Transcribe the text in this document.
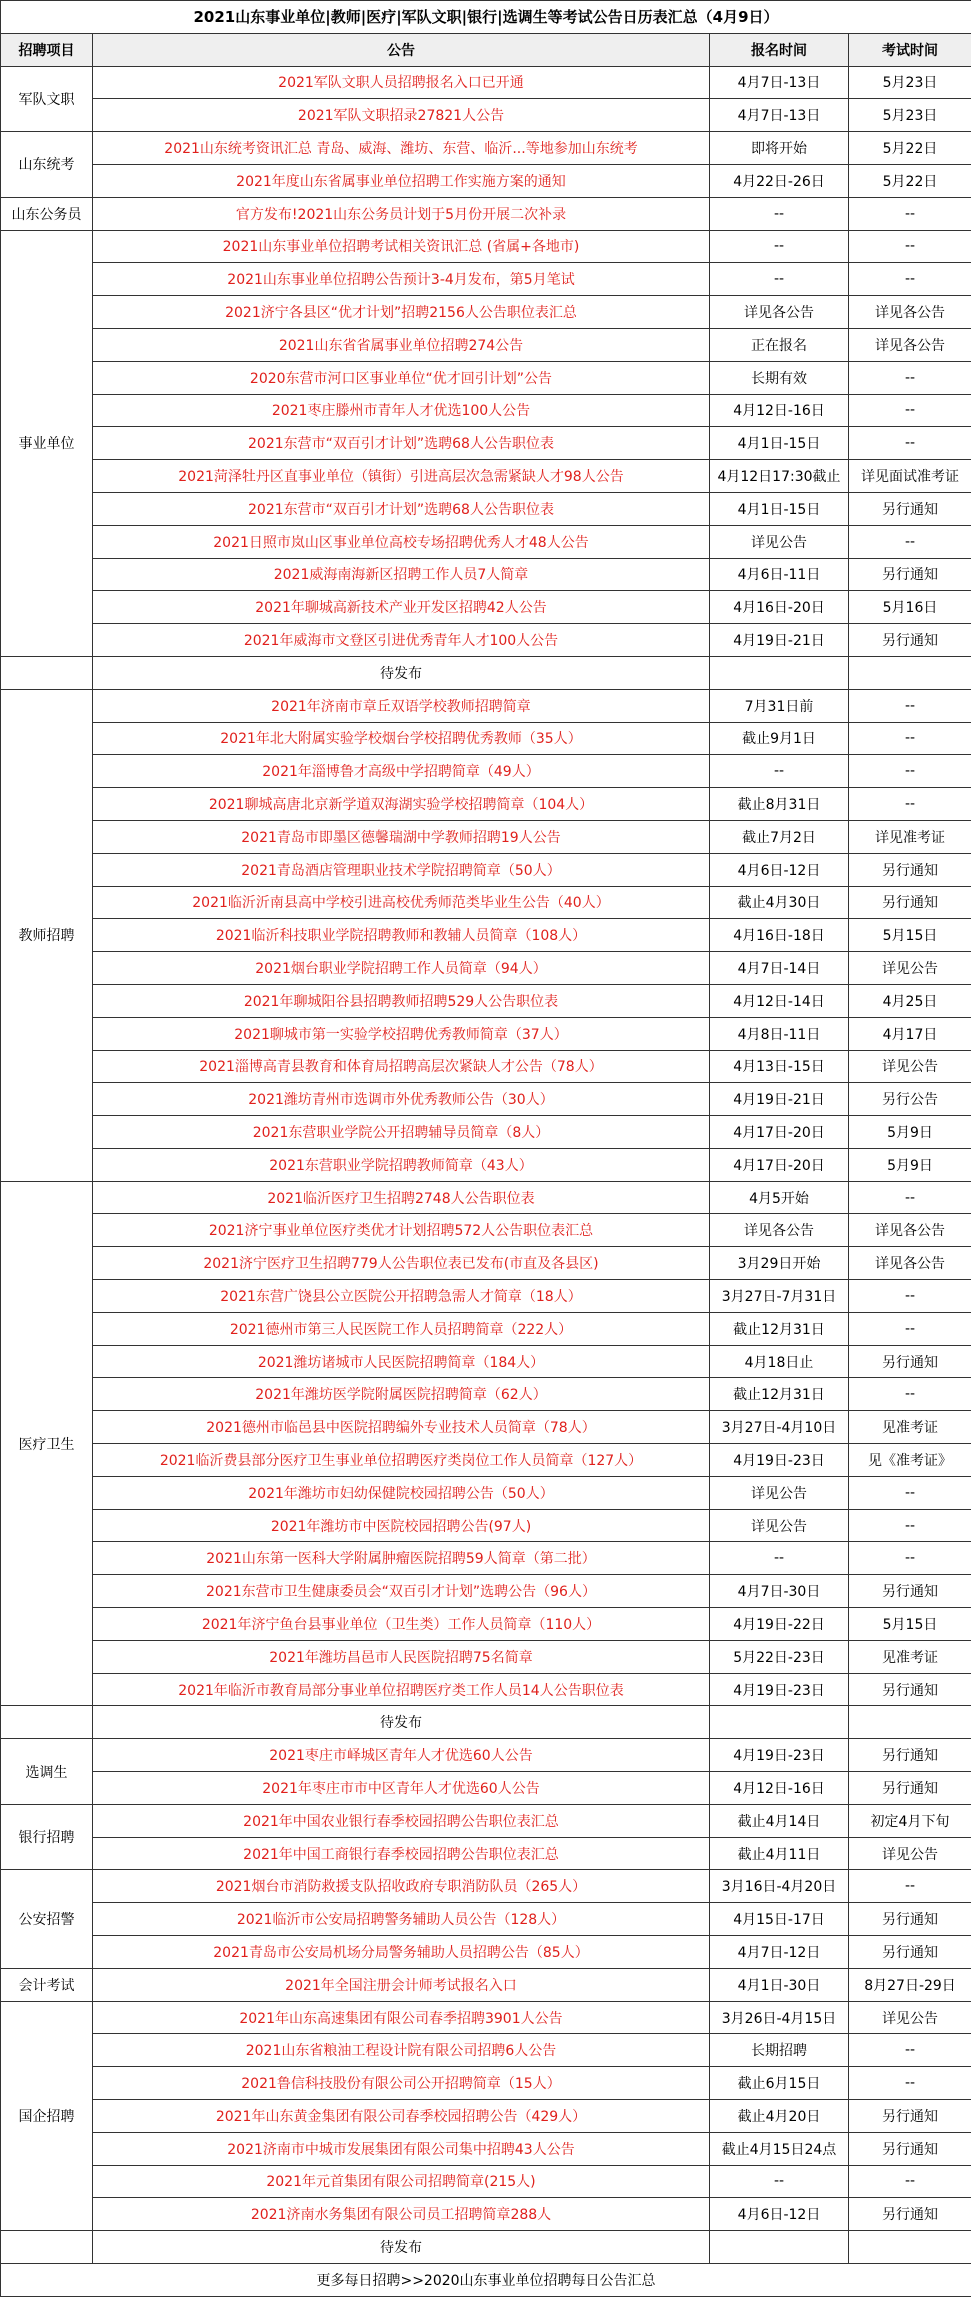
2021山东事业单位|教师|医疗|军队文职|银行|选调生等考试公告日历表汇总（4月9日）			
招聘项目	公告	报名时间	考试时间
军队文职	2021军队文职人员招聘报名入口已开通	4月7日-13日	5月23日
	2021军队文职招录27821人公告	4月7日-13日	5月23日
山东统考	2021山东统考资讯汇总 青岛、威海、潍坊、东营、临沂...等地参加山东统考	即将开始	5月22日
	2021年度山东省属事业单位招聘工作实施方案的通知	4月22日-26日	5月22日
山东公务员	官方发布!2021山东公务员计划于5月份开展二次补录	--	--
事业单位	2021山东事业单位招聘考试相关资讯汇总 (省属+各地市)	--	--
	2021山东事业单位招聘公告预计3-4月发布，第5月笔试	--	--
	2021济宁各县区“优才计划”招聘2156人公告职位表汇总	详见各公告	详见各公告
	2021山东省省属事业单位招聘274公告	正在报名	详见各公告
	2020东营市河口区事业单位“优才回引计划”公告	长期有效	--
	2021枣庄滕州市青年人才优选100人公告	4月12日-16日	--
	2021东营市“双百引才计划”选聘68人公告职位表	4月1日-15日	--
	2021菏泽牡丹区直事业单位（镇街）引进高层次急需紧缺人才98人公告	4月12日17:30截止	详见面试准考证
	2021东营市“双百引才计划”选聘68人公告职位表	4月1日-15日	另行通知
	2021日照市岚山区事业单位高校专场招聘优秀人才48人公告	详见公告	--
	2021威海南海新区招聘工作人员7人简章	4月6日-11日	另行通知
	2021年聊城高新技术产业开发区招聘42人公告	4月16日-20日	5月16日
	2021年威海市文登区引进优秀青年人才100人公告	4月19日-21日	另行通知
	待发布		
教师招聘	2021年济南市章丘双语学校教师招聘简章	7月31日前	--
	2021年北大附属实验学校烟台学校招聘优秀教师（35人）	截止9月1日	--
	2021年淄博鲁才高级中学招聘简章（49人）	--	--
	2021聊城高唐北京新学道双海湖实验学校招聘简章（104人）	截止8月31日	--
	2021青岛市即墨区德馨瑞湖中学教师招聘19人公告	截止7月2日	详见准考证
	2021青岛酒店管理职业技术学院招聘简章（50人）	4月6日-12日	另行通知
	2021临沂沂南县高中学校引进高校优秀师范类毕业生公告（40人）	截止4月30日	另行通知
	2021临沂科技职业学院招聘教师和教辅人员简章（108人）	4月16日-18日	5月15日
	2021烟台职业学院招聘工作人员简章（94人）	4月7日-14日	详见公告
	2021年聊城阳谷县招聘教师招聘529人公告职位表	4月12日-14日	4月25日
	2021聊城市第一实验学校招聘优秀教师简章（37人）	4月8日-11日	4月17日
	2021淄博高青县教育和体育局招聘高层次紧缺人才公告（78人）	4月13日-15日	详见公告
	2021潍坊青州市选调市外优秀教师公告（30人）	4月19日-21日	另行公告
	2021东营职业学院公开招聘辅导员简章（8人）	4月17日-20日	5月9日
	2021东营职业学院招聘教师简章（43人）	4月17日-20日	5月9日
医疗卫生	2021临沂医疗卫生招聘2748人公告职位表	4月5开始	--
	2021济宁事业单位医疗类优才计划招聘572人公告职位表汇总	详见各公告	详见各公告
	2021济宁医疗卫生招聘779人公告职位表已发布(市直及各县区)	3月29日开始	详见各公告
	2021东营广饶县公立医院公开招聘急需人才简章（18人）	3月27日-7月31日	--
	2021德州市第三人民医院工作人员招聘简章（222人）	截止12月31日	--
	2021潍坊诸城市人民医院招聘简章（184人）	4月18日止	另行通知
	2021年潍坊医学院附属医院招聘简章（62人）	截止12月31日	--
	2021德州市临邑县中医院招聘编外专业技术人员简章（78人）	3月27日-4月10日	见准考证
	2021临沂费县部分医疗卫生事业单位招聘医疗类岗位工作人员简章（127人）	4月19日-23日	见《准考证》
	2021年潍坊市妇幼保健院校园招聘公告（50人）	详见公告	--
	2021年潍坊市中医院校园招聘公告(97人)	详见公告	--
	2021山东第一医科大学附属肿瘤医院招聘59人简章（第二批）	--	--
	2021东营市卫生健康委员会“双百引才计划”选聘公告（96人）	4月7日-30日	另行通知
	2021年济宁鱼台县事业单位（卫生类）工作人员简章（110人）	4月19日-22日	5月15日
	2021年潍坊昌邑市人民医院招聘75名简章	5月22日-23日	见准考证
	2021年临沂市教育局部分事业单位招聘医疗类工作人员14人公告职位表	4月19日-23日	另行通知
	待发布		
选调生	2021枣庄市峄城区青年人才优选60人公告	4月19日-23日	另行通知
	2021年枣庄市市中区青年人才优选60人公告	4月12日-16日	另行通知
银行招聘	2021年中国农业银行春季校园招聘公告职位表汇总	截止4月14日	初定4月下旬
	2021年中国工商银行春季校园招聘公告职位表汇总	截止4月11日	详见公告
公安招警	2021烟台市消防救援支队招收政府专职消防队员（265人）	3月16日-4月20日	--
	2021临沂市公安局招聘警务辅助人员公告（128人）	4月15日-17日	另行通知
	2021青岛市公安局机场分局警务辅助人员招聘公告（85人）	4月7日-12日	另行通知
会计考试	2021年全国注册会计师考试报名入口	4月1日-30日	8月27日-29日
国企招聘	2021年山东高速集团有限公司春季招聘3901人公告	3月26日-4月15日	详见公告
	2021山东省粮油工程设计院有限公司招聘6人公告	长期招聘	--
	2021鲁信科技股份有限公司公开招聘简章（15人）	截止6月15日	--
	2021年山东黄金集团有限公司春季校园招聘公告（429人）	截止4月20日	另行通知
	2021济南市中城市发展集团有限公司集中招聘43人公告	截止4月15日24点	另行通知
	2021年元首集团有限公司招聘简章(215人)	--	--
	2021济南水务集团有限公司员工招聘简章288人	4月6日-12日	另行通知
	待发布		
更多每日招聘>>2020山东事业单位招聘每日公告汇总			
